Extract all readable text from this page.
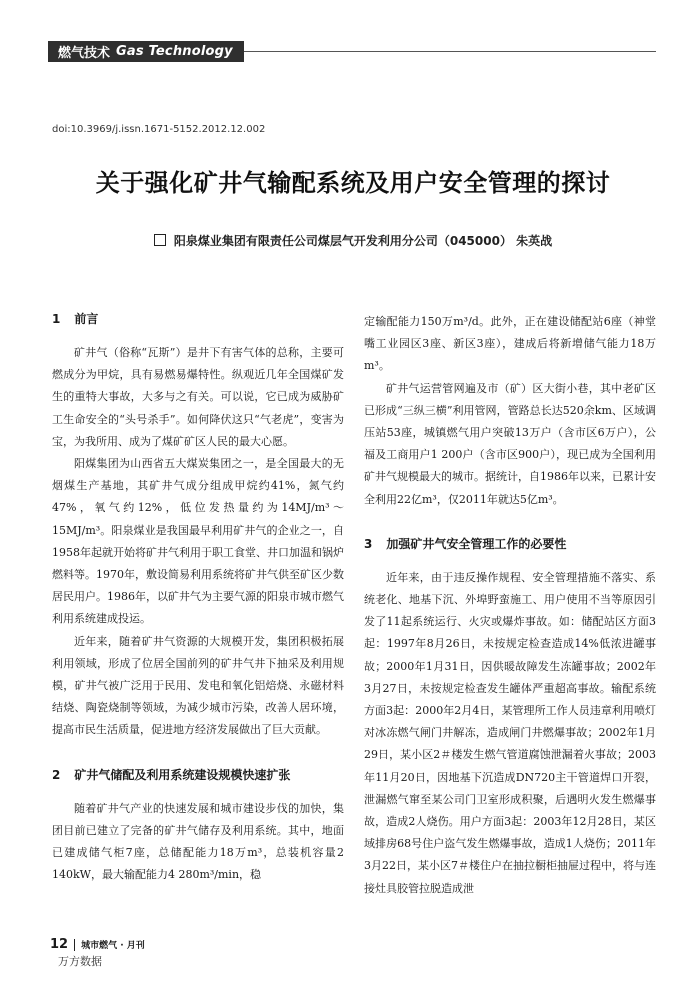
燃气技术 Gas Technology
doi:10.3969/j.issn.1671-5152.2012.12.002
关于强化矿井气输配系统及用户安全管理的探讨
阳泉煤业集团有限责任公司煤层气开发利用分公司（045000） 朱英战
1 前言

矿井气（俗称“瓦斯”）是井下有害气体的总称，主要可燃成分为甲烷，具有易燃易爆特性。纵观近几年全国煤矿发生的重特大事故，大多与之有关。可以说，它已成为威胁矿工生命安全的“头号杀手”。如何降伏这只“气老虎”，变害为宝，为我所用、成为了煤矿矿区人民的最大心愿。

阳煤集团为山西省五大煤炭集团之一，是全国最大的无烟煤生产基地，其矿井气成分组成甲烷约41%，氮气约47%，氧气约12%，低位发热量约为14MJ/m³～15MJ/m³。阳泉煤业是我国最早利用矿井气的企业之一，自1958年起就开始将矿井气利用于职工食堂、井口加温和锅炉燃料等。1970年，敷设简易利用系统将矿井气供至矿区少数居民用户。1986年，以矿井气为主要气源的阳泉市城市燃气利用系统建成投运。

近年来，随着矿井气资源的大规模开发，集团积极拓展利用领域，形成了位居全国前列的矿井气井下抽采及利用规模，矿井气被广泛用于民用、发电和氧化铝焙烧、永磁材料结烧、陶瓷烧制等领域，为减少城市污染，改善人居环境，提高市民生活质量，促进地方经济发展做出了巨大贡献。

2 矿井气储配及利用系统建设规模快速扩张

随着矿井气产业的快速发展和城市建设步伐的加快，集团目前已建立了完备的矿井气储存及利用系统。其中，地面已建成储气柜7座，总储配能力18万m³，总装机容量2 140kW，最大输配能力4 280m³/min，稳

定输配能力150万m³/d。此外，正在建设储配站6座（神堂嘴工业园区3座、新区3座），建成后将新增储气能力18万m³。

矿井气运营管网遍及市（矿）区大街小巷，其中老矿区已形成“三纵三横”利用管网，管路总长达520余km、区域调压站53座，城镇燃气用户突破13万户（含市区6万户），公福及工商用户1 200户（含市区900户），现已成为全国利用矿井气规模最大的城市。据统计，自1986年以来，已累计安全利用22亿m³，仅2011年就达5亿m³。

3 加强矿井气安全管理工作的必要性

近年来，由于违反操作规程、安全管理措施不落实、系统老化、地基下沉、外埠野蛮施工、用户使用不当等原因引发了11起系统运行、火灾或爆炸事故。如：储配站区方面3起：1997年8月26日，未按规定检查造成14%低浓进罐事故；2000年1月31日，因供暖故障发生冻罐事故；2002年3月27日，未按规定检查发生罐体严重超高事故。输配系统方面3起：2000年2月4日，某管理所工作人员违章利用喷灯对冰冻燃气闸门井解冻，造成闸门井燃爆事故；2002年1月29日，某小区2＃楼发生燃气管道腐蚀泄漏着火事故；2003年11月20日，因地基下沉造成DN720主干管道焊口开裂，泄漏燃气窜至某公司门卫室形成积聚，后遇明火发生燃爆事故，造成2人烧伤。用户方面3起：2003年12月28日，某区域排房68号住户盗气发生燃爆事故，造成1人烧伤；2011年3月22日，某小区7＃楼住户在抽拉橱柜抽屉过程中，将与连接灶具胶管拉脱造成泄

12 城市燃气 · 月刊
万方数据
